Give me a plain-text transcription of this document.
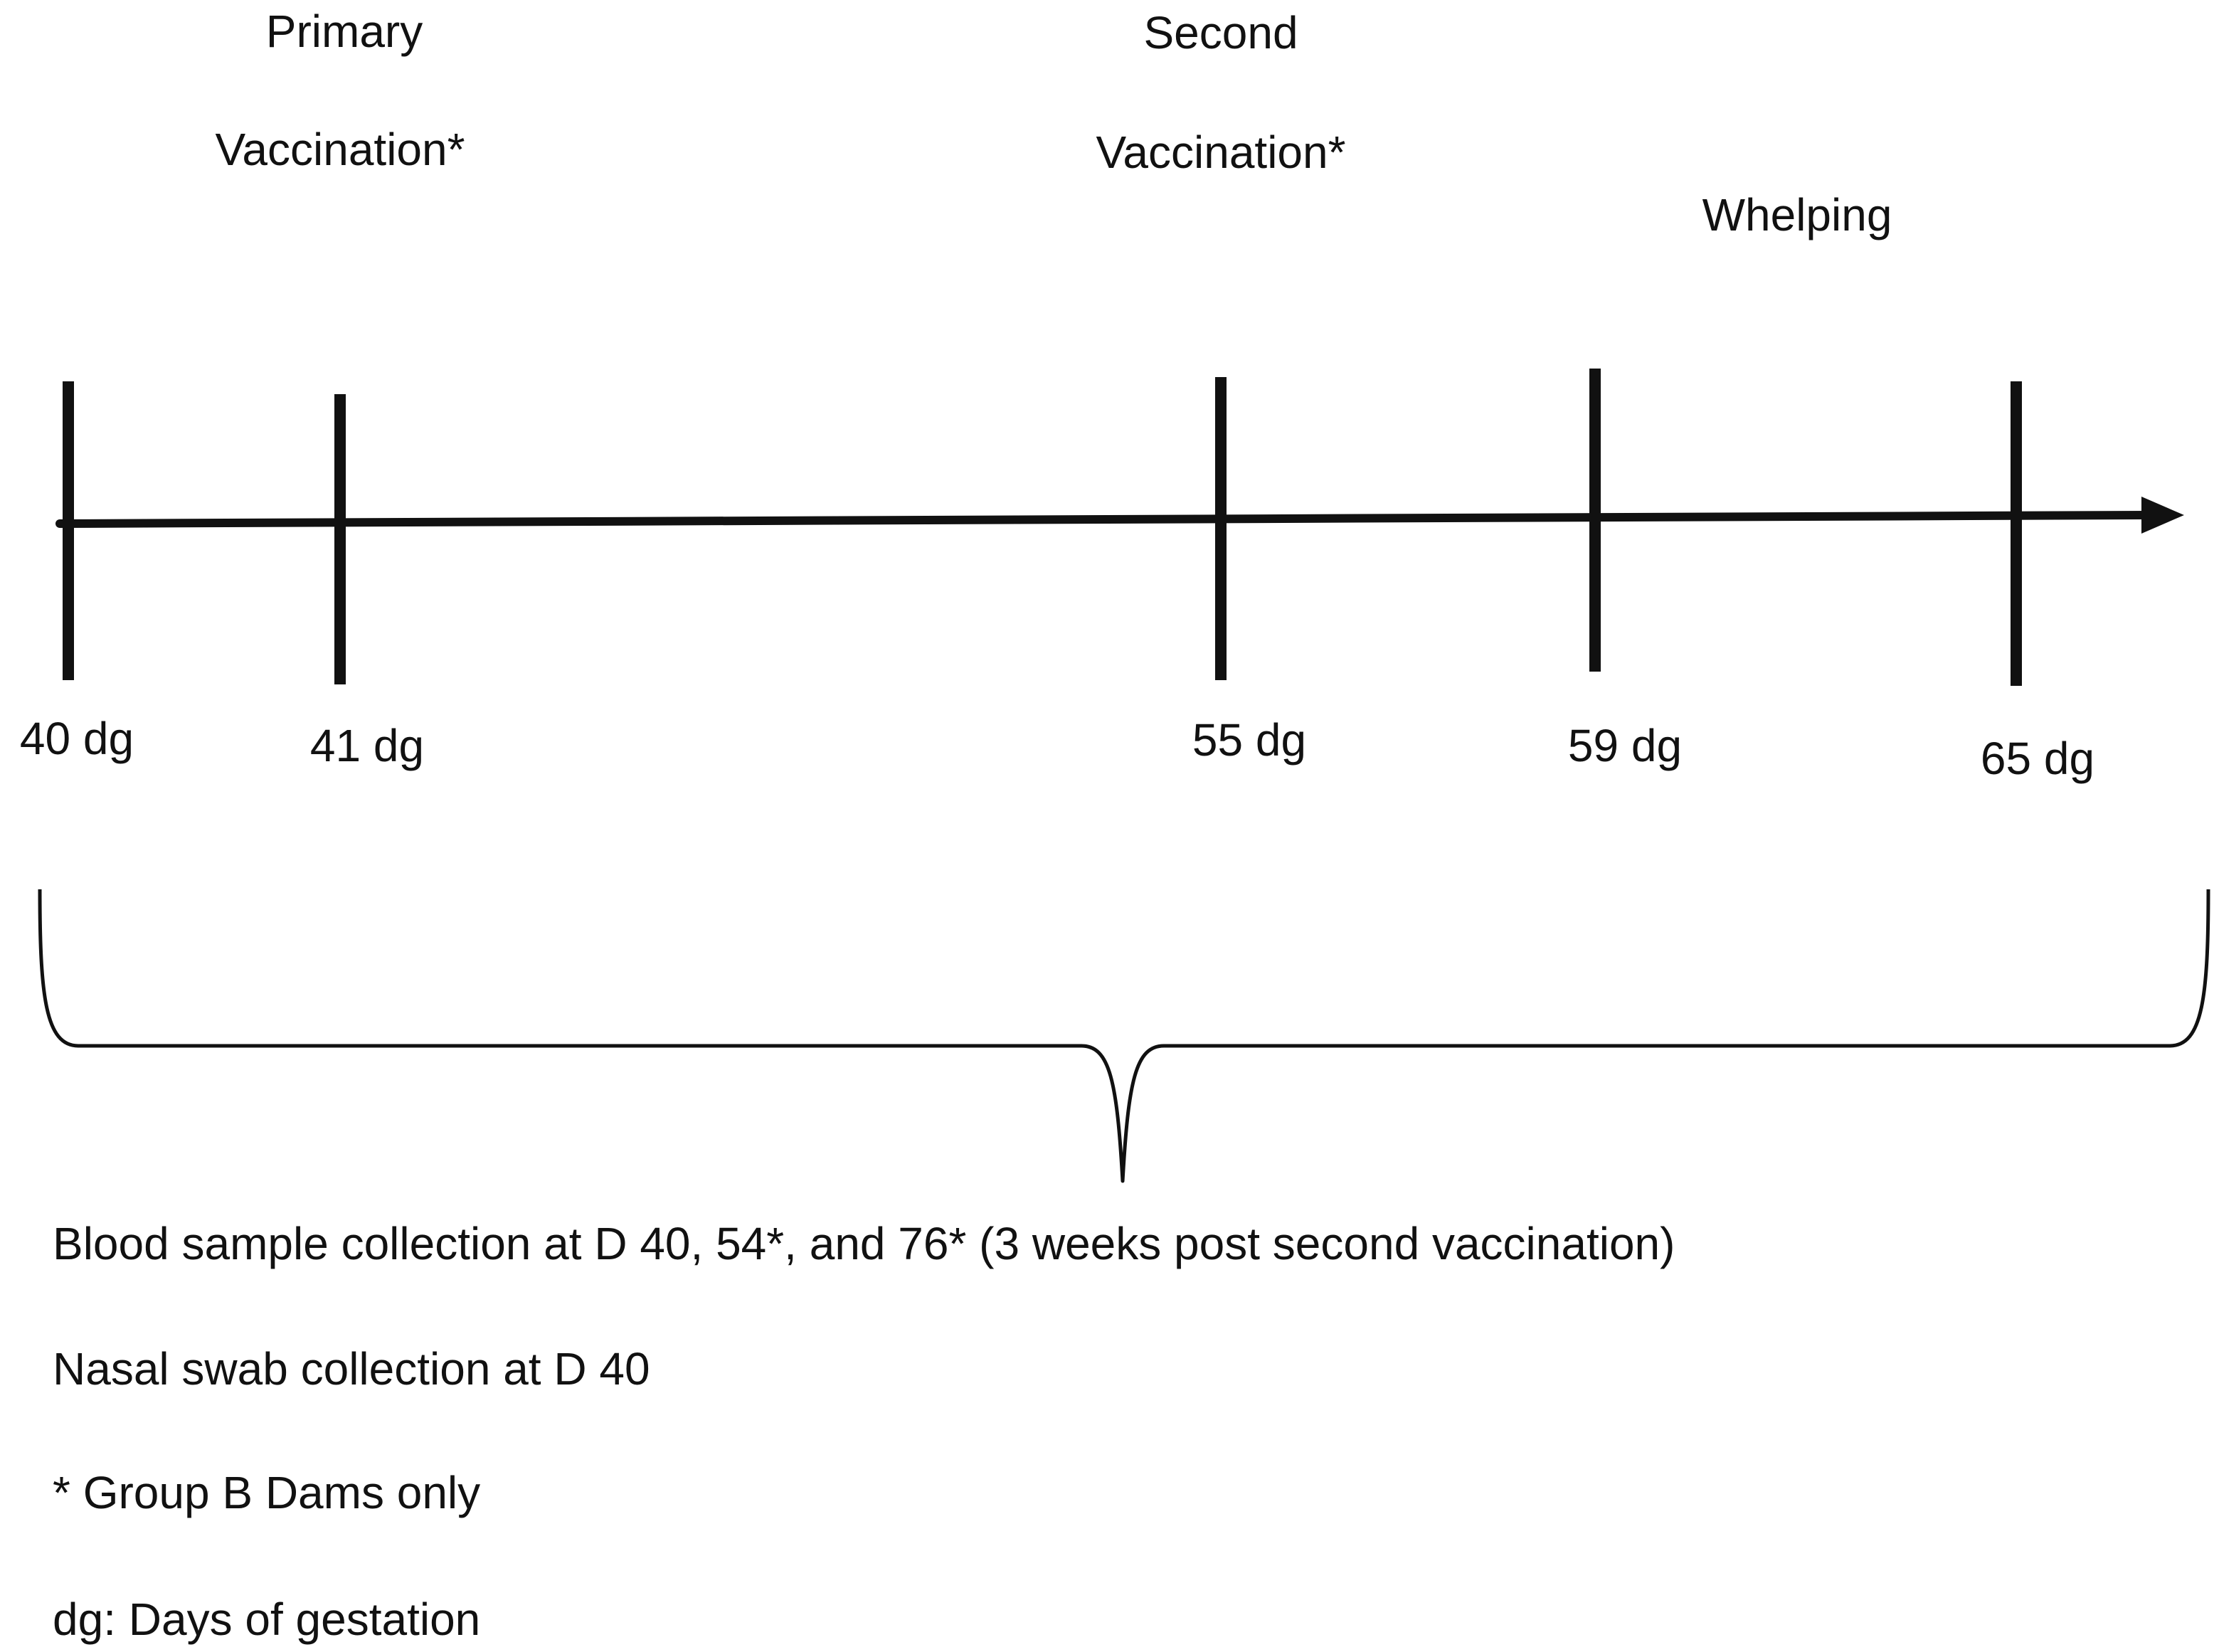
Primary
Vaccination*
Second
Vaccination*
Whelping
40 dg	41 dg	55 dg	59 dg	65 dg
Blood sample collection at D 40, 54*, and 76* (3 weeks post second vaccination)
Nasal swab collection at D 40
* Group B Dams only
dg: Days of gestation
